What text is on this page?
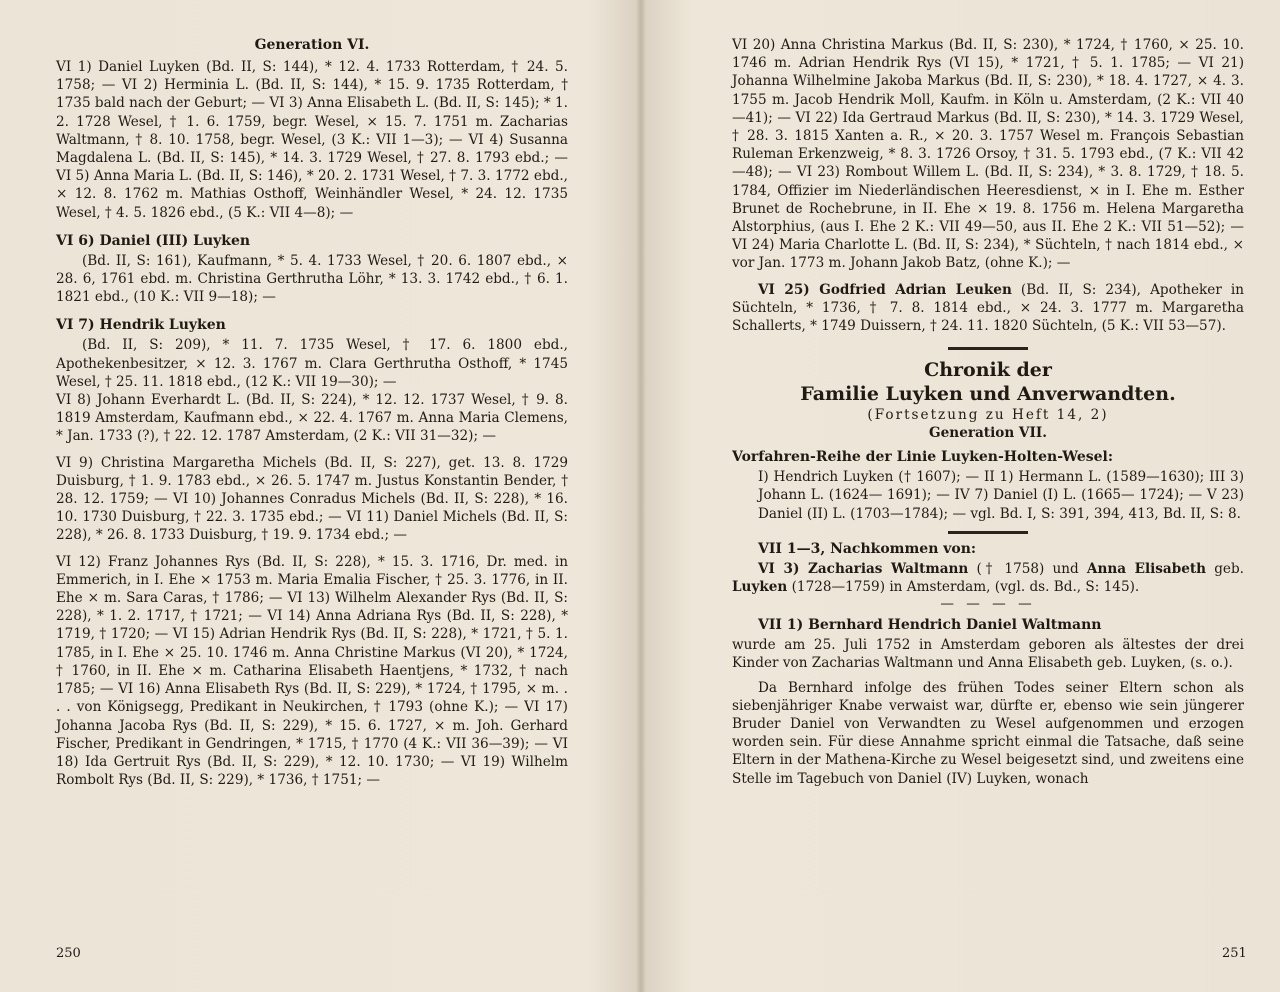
Generation VI.

VI 1) Daniel Luyken (Bd. II, S: 144), * 12. 4. 1733 Rotterdam, † 24. 5. 1758; — VI 2) Herminia L. (Bd. II, S: 144), * 15. 9. 1735 Rotterdam, † 1735 bald nach der Geburt; — VI 3) Anna Elisabeth L. (Bd. II, S: 145); * 1. 2. 1728 Wesel, † 1. 6. 1759, begr. Wesel, × 15. 7. 1751 m. Zacharias Waltmann, † 8. 10. 1758, begr. Wesel, (3 K.: VII 1—3); — VI 4) Susanna Magdalena L. (Bd. II, S: 145), * 14. 3. 1729 Wesel, † 27. 8. 1793 ebd.; — VI 5) Anna Maria L. (Bd. II, S: 146), * 20. 2. 1731 Wesel, † 7. 3. 1772 ebd., × 12. 8. 1762 m. Mathias Osthoff, Weinhändler Wesel, * 24. 12. 1735 Wesel, † 4. 5. 1826 ebd., (5 K.: VII 4—8); —

VI 6) Daniel (III) Luyken

(Bd. II, S: 161), Kaufmann, * 5. 4. 1733 Wesel, † 20. 6. 1807 ebd., × 28. 6, 1761 ebd. m. Christina Gerthrutha Löhr, * 13. 3. 1742 ebd., † 6. 1. 1821 ebd., (10 K.: VII 9—18); —

VI 7) Hendrik Luyken

(Bd. II, S: 209), * 11. 7. 1735 Wesel, † 17. 6. 1800 ebd., Apothekenbesitzer, × 12. 3. 1767 m. Clara Gerthrutha Osthoff, * 1745 Wesel, † 25. 11. 1818 ebd., (12 K.: VII 19—30); —

VI 8) Johann Everhardt L. (Bd. II, S: 224), * 12. 12. 1737 Wesel, † 9. 8. 1819 Amsterdam, Kaufmann ebd., × 22. 4. 1767 m. Anna Maria Clemens, * Jan. 1733 (?), † 22. 12. 1787 Amsterdam, (2 K.: VII 31—32); —

VI 9) Christina Margaretha Michels (Bd. II, S: 227), get. 13. 8. 1729 Duisburg, † 1. 9. 1783 ebd., × 26. 5. 1747 m. Justus Konstantin Bender, † 28. 12. 1759; — VI 10) Johannes Conradus Michels (Bd. II, S: 228), * 16. 10. 1730 Duisburg, † 22. 3. 1735 ebd.; — VI 11) Daniel Michels (Bd. II, S: 228), * 26. 8. 1733 Duisburg, † 19. 9. 1734 ebd.; —

VI 12) Franz Johannes Rys (Bd. II, S: 228), * 15. 3. 1716, Dr. med. in Emmerich, in I. Ehe × 1753 m. Maria Emalia Fischer, † 25. 3. 1776, in II. Ehe × m. Sara Caras, † 1786; — VI 13) Wilhelm Alexander Rys (Bd. II, S: 228), * 1. 2. 1717, † 1721; — VI 14) Anna Adriana Rys (Bd. II, S: 228), * 1719, † 1720; — VI 15) Adrian Hendrik Rys (Bd. II, S: 228), * 1721, † 5. 1. 1785, in I. Ehe × 25. 10. 1746 m. Anna Christine Markus (VI 20), * 1724, † 1760, in II. Ehe × m. Catharina Elisabeth Haentjens, * 1732, † nach 1785; — VI 16) Anna Elisabeth Rys (Bd. II, S: 229), * 1724, † 1795, × m. . . . von Königsegg, Predikant in Neukirchen, † 1793 (ohne K.); — VI 17) Johanna Jacoba Rys (Bd. II, S: 229), * 15. 6. 1727, × m. Joh. Gerhard Fischer, Predikant in Gendringen, * 1715, † 1770 (4 K.: VII 36—39); — VI 18) Ida Gertruit Rys (Bd. II, S: 229), * 12. 10. 1730; — VI 19) Wilhelm Rombolt Rys (Bd. II, S: 229), * 1736, † 1751; —

VI 20) Anna Christina Markus (Bd. II, S: 230), * 1724, † 1760, × 25. 10. 1746 m. Adrian Hendrik Rys (VI 15), * 1721, † 5. 1. 1785; — VI 21) Johanna Wilhelmine Jakoba Markus (Bd. II, S: 230), * 18. 4. 1727, × 4. 3. 1755 m. Jacob Hendrik Moll, Kaufm. in Köln u. Amsterdam, (2 K.: VII 40—41); — VI 22) Ida Gertraud Markus (Bd. II, S: 230), * 14. 3. 1729 Wesel, † 28. 3. 1815 Xanten a. R., × 20. 3. 1757 Wesel m. François Sebastian Ruleman Erkenzweig, * 8. 3. 1726 Orsoy, † 31. 5. 1793 ebd., (7 K.: VII 42—48); — VI 23) Rombout Willem L. (Bd. II, S: 234), * 3. 8. 1729, † 18. 5. 1784, Offizier im Niederländischen Heeresdienst, × in I. Ehe m. Esther Brunet de Rochebrune, in II. Ehe × 19. 8. 1756 m. Helena Margaretha Alstorphius, (aus I. Ehe 2 K.: VII 49—50, aus II. Ehe 2 K.: VII 51—52); — VI 24) Maria Charlotte L. (Bd. II, S: 234), * Süchteln, † nach 1814 ebd., × vor Jan. 1773 m. Johann Jakob Batz, (ohne K.); —

VI 25) Godfried Adrian Leuken (Bd. II, S: 234), Apotheker in Süchteln, * 1736, † 7. 8. 1814 ebd., × 24. 3. 1777 m. Margaretha Schallerts, * 1749 Duissern, † 24. 11. 1820 Süchteln, (5 K.: VII 53—57).

Chronik der
Familie Luyken und Anverwandten.
(Fortsetzung zu Heft 14, 2)
Generation VII.
Vorfahren-Reihe der Linie Luyken-Holten-Wesel:

I) Hendrich Luyken († 1607); — II 1) Hermann L. (1589—1630); III 3) Johann L. (1624— 1691); — IV 7) Daniel (I) L. (1665— 1724); — V 23) Daniel (II) L. (1703—1784); — vgl. Bd. I, S: 391, 394, 413, Bd. II, S: 8.

VII 1—3, Nachkommen von:

VI 3) Zacharias Waltmann († 1758) und Anna Elisabeth geb. Luyken (1728—1759) in Amsterdam, (vgl. ds. Bd., S: 145).

— — — —
VII 1) Bernhard Hendrich Daniel Waltmann

wurde am 25. Juli 1752 in Amsterdam geboren als ältestes der drei Kinder von Zacharias Waltmann und Anna Elisabeth geb. Luyken, (s. o.).

Da Bernhard infolge des frühen Todes seiner Eltern schon als siebenjähriger Knabe verwaist war, dürfte er, ebenso wie sein jüngerer Bruder Daniel von Verwandten zu Wesel aufgenommen und erzogen worden sein. Für diese Annahme spricht einmal die Tatsache, daß seine Eltern in der Mathena-Kirche zu Wesel beigesetzt sind, und zweitens eine Stelle im Tagebuch von Daniel (IV) Luyken, wonach

250	251
